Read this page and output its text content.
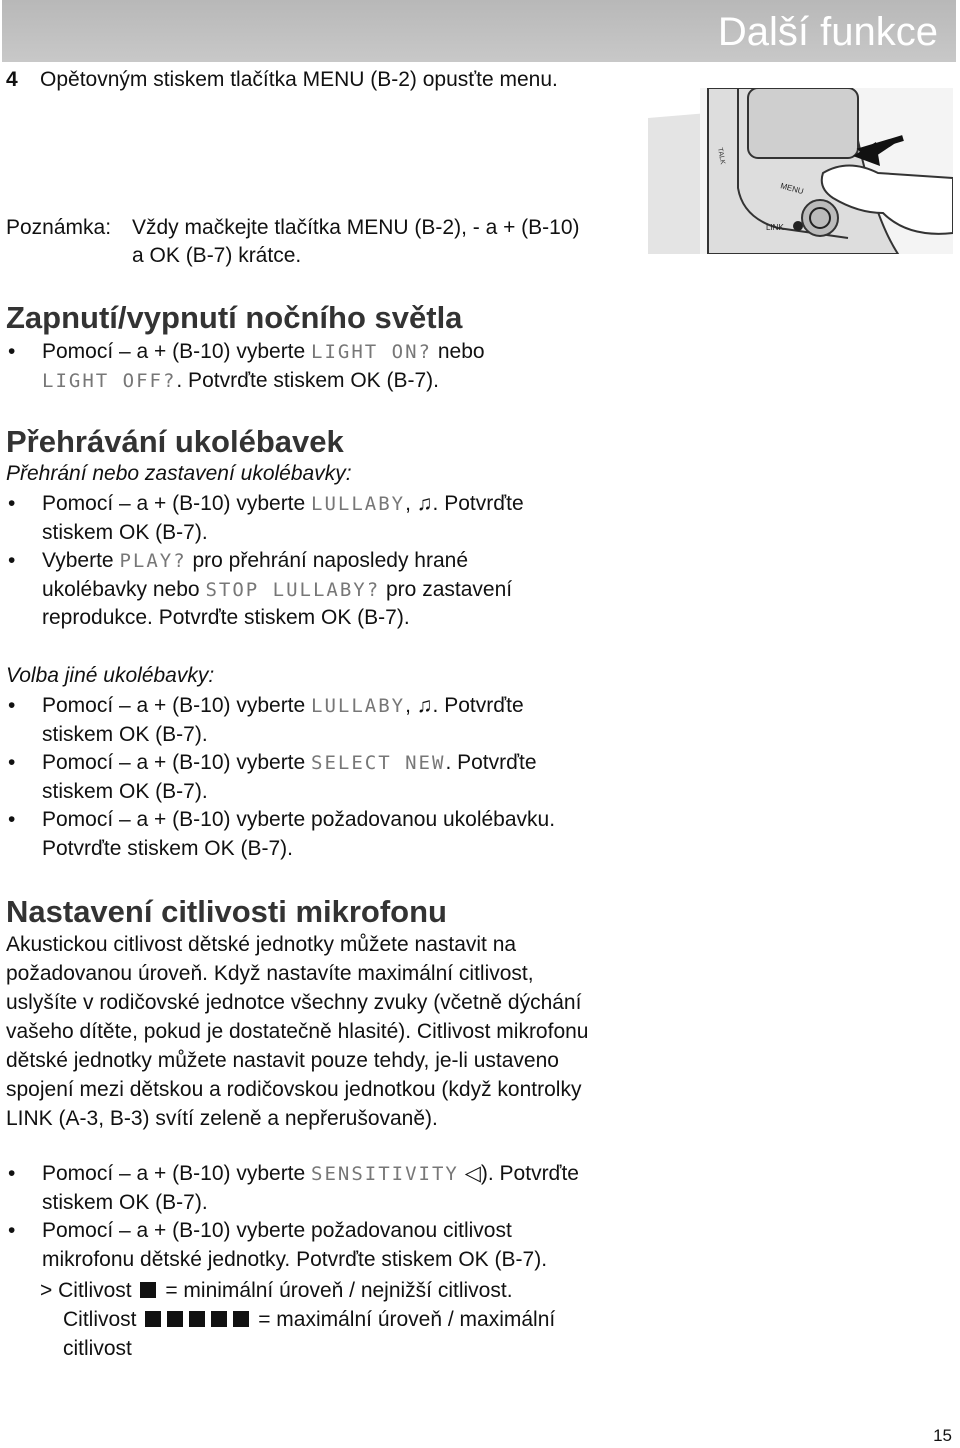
Další funkce
4 Opětovným stiskem tlačítka MENU (B-2) opusťte menu.
TALK
MENU
LINK
Poznámka: Vždy mačkejte tlačítka MENU (B-2), - a + (B-10)
a OK (B-7) krátce.
Zapnutí/vypnutí nočního světla
• Pomocí – a + (B-10) vyberte LIGHT ON? nebo
LIGHT OFF?. Potvrďte stiskem OK (B-7).
Přehrávání ukolébavek
Přehrání nebo zastavení ukolébavky:
• Pomocí – a + (B-10) vyberte LULLABY, ♫. Potvrďte
stiskem OK (B-7).
• Vyberte PLAY? pro přehrání naposledy hrané
ukolébavky nebo STOP LULLABY? pro zastavení
reprodukce. Potvrďte stiskem OK (B-7).
Volba jiné ukolébavky:
• Pomocí – a + (B-10) vyberte LULLABY, ♫. Potvrďte
stiskem OK (B-7).
• Pomocí – a + (B-10) vyberte SELECT NEW. Potvrďte
stiskem OK (B-7).
• Pomocí – a + (B-10) vyberte požadovanou ukolébavku.
Potvrďte stiskem OK (B-7).
Nastavení citlivosti mikrofonu
Akustickou citlivost dětské jednotky můžete nastavit na
požadovanou úroveň. Když nastavíte maximální citlivost,
uslyšíte v rodičovské jednotce všechny zvuky (včetně dýchání
vašeho dítěte, pokud je dostatečně hlasité). Citlivost mikrofonu
dětské jednotky můžete nastavit pouze tehdy, je-li ustaveno
spojení mezi dětskou a rodičovskou jednotkou (když kontrolky
LINK (A-3, B-3) svítí zeleně a nepřerušovaně).
• Pomocí – a + (B-10) vyberte SENSITIVITY ◁). Potvrďte
stiskem OK (B-7).
• Pomocí – a + (B-10) vyberte požadovanou citlivost
mikrofonu dětské jednotky. Potvrďte stiskem OK (B-7).
> Citlivost = minimální úroveň / nejnižší citlivost.
Citlivost	= maximální úroveň / maximální
citlivost
15
